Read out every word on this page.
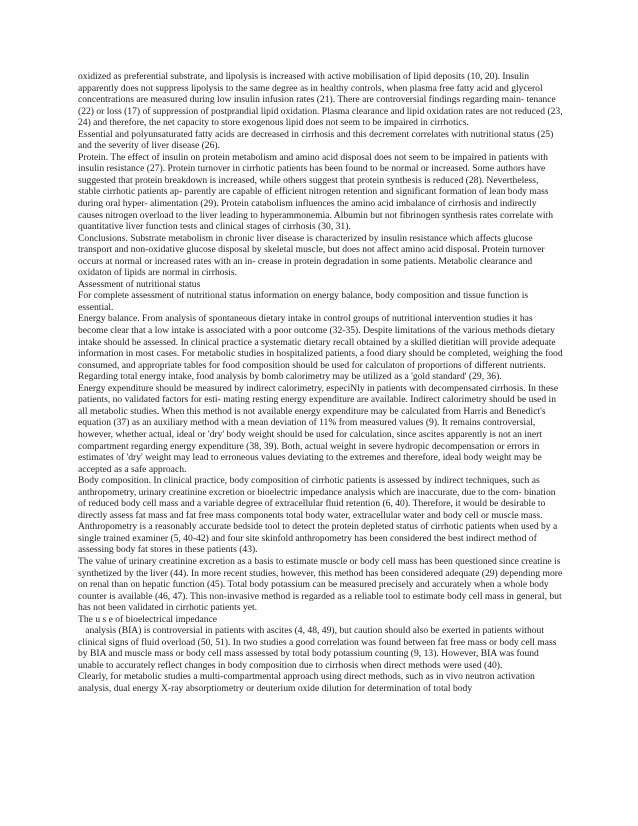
oxidized as preferential substrate, and lipolysis is increased with active mobilisation of lipid deposits (10, 20). Insulin apparently does not suppress lipolysis to the same degree as in healthy controls, when plasma free fatty acid and glycerol concentrations are measured during low insulin infusion rates (21). There are controversial findings regarding main- tenance (22) or loss (17) of suppression of postprandial lipid oxidation. Plasma clearance and lipid oxidation rates are not reduced (23, 24) and therefore, the net capacity to store exogenous lipid does not seem to be impaired in cirrhotics.

Essential and polyunsaturated fatty acids are decreased in cirrhosis and this decrement correlates with nutritional status (25) and the severity of liver disease (26).

Protein. The effect of insulin on protein metabolism and amino acid disposal does not seem to be impaired in patients with insulin resistance (27). Protein turnover in cirrhotic patients has been found to be normal or increased. Some authors have suggested that protein breakdown is increased, while others suggest that protein synthesis is reduced (28). Nevertheless, stable cirrhotic patients ap- parently are capable of efficient nitrogen retention and significant formation of lean body mass during oral hyper- alimentation (29). Protein catabolism influences the amino acid imbalance of cirrhosis and indirectly causes nitrogen overload to the liver leading to hyperammonemia. Albumin but not fibrinogen synthesis rates correlate with quantitative liver function tests and clinical stages of cirrhosis (30, 31).

Conclusions. Substrate metabolism in chronic liver disease is characterized by insulin resistance which affects glucose transport and non-oxidative glucose disposal by skeletal muscle, but does not affect amino acid disposal. Protein turnover occurs at normal or increased rates with an in- crease in protein degradation in some patients. Metabolic clearance and oxidaton of lipids are normal in cirrhosis.

Assessment of nutritional status

For complete assessment of nutritional status information on energy balance, body composition and tissue function is essential.

Energy balance. From analysis of spontaneous dietary intake in control groups of nutritional intervention studies it has become clear that a low intake is associated with a poor outcome (32-35). Despite limitations of the various methods dietary intake should be assessed. In clinical practice a systematic dietary recall obtained by a skilled dietitian will provide adequate information in most cases. For metabolic studies in hospitalized patients, a food diary should be completed, weighing the food consumed, and appropriate tables for food composition should be used for calculaton of proportions of different nutrients. Regarding total energy intake, food analysis by bomb calorimetry may be utilized as a 'gold standard' (29, 36).

Energy expenditure should be measured by indirect calorimetry, especiNly in patients with decompensated cirrhosis. In these patients, no validated factors for esti- mating resting energy expenditure are available. Indirect calorimetry should be used in all metabolic studies. When this method is not available energy expenditure may be calculated from Harris and Benedict's equation (37) as an auxiliary method with a mean deviation of 11% from measured values (9). It remains controversial, however, whether actual, ideal or 'dry' body weight should be used for calculation, since ascites apparently is not an inert compartment regarding energy expenditure (38, 39). Both, actual weight in severe hydropic decompensation or errors in estimates of 'dry' weight may lead to erroneous values deviating to the extremes and therefore, ideal body weight may be accepted as a safe approach.

Body composition. In clinical practice, body composition of cirrhotic patients is assessed by indirect techniques, such as anthropometry, urinary creatinine excretion or bioelectric impedance analysis which are inaccurate, due to the com- bination of reduced body cell mass and a variable degree of extracellular fluid retention (6, 40). Therefore, it would be desirable to directly assess fat mass and fat free mass components total body water, extracellular water and body cell or muscle mass.

Anthropometry is a reasonably accurate bedside tool to detect the protein depleted status of cirrhotic patients when used by a single trained examiner (5, 40-42) and four site skinfold anthropometry has been considered the best indirect method of assessing body fat stores in these patients (43).

The value of urinary creatinine excretion as a basis to estimate muscle or body cell mass has been questioned since creatine is synthetized by the liver (44). In more recent studies, however, this method has been considered adequate (29) depending more on renal than on hepatic function (45). Total body potassium can be measured precisely and accurately when a whole body counter is available (46, 47). This non-invasive method is regarded as a reliable tool to estimate body cell mass in general, but has not been validated in cirrhotic patients yet.

The u s e of bioelectrical impedance

analysis (BIA) is controversial in patients with ascites (4, 48, 49), but caution should also be exerted in patients without clinical signs of fluid overload (50, 51). In two studies a good correlation was found between fat free mass or body cell mass by BIA and muscle mass or body cell mass assessed by total body potassium counting (9, 13). However, BIA was found unable to accurately reflect changes in body composition due to cirrhosis when direct methods were used (40).

Clearly, for metabolic studies a multi-compartmental approach using direct methods, such as in vivo neutron activation analysis, dual energy X-ray absorptiometry or deuterium oxide dilution for determination of total body
